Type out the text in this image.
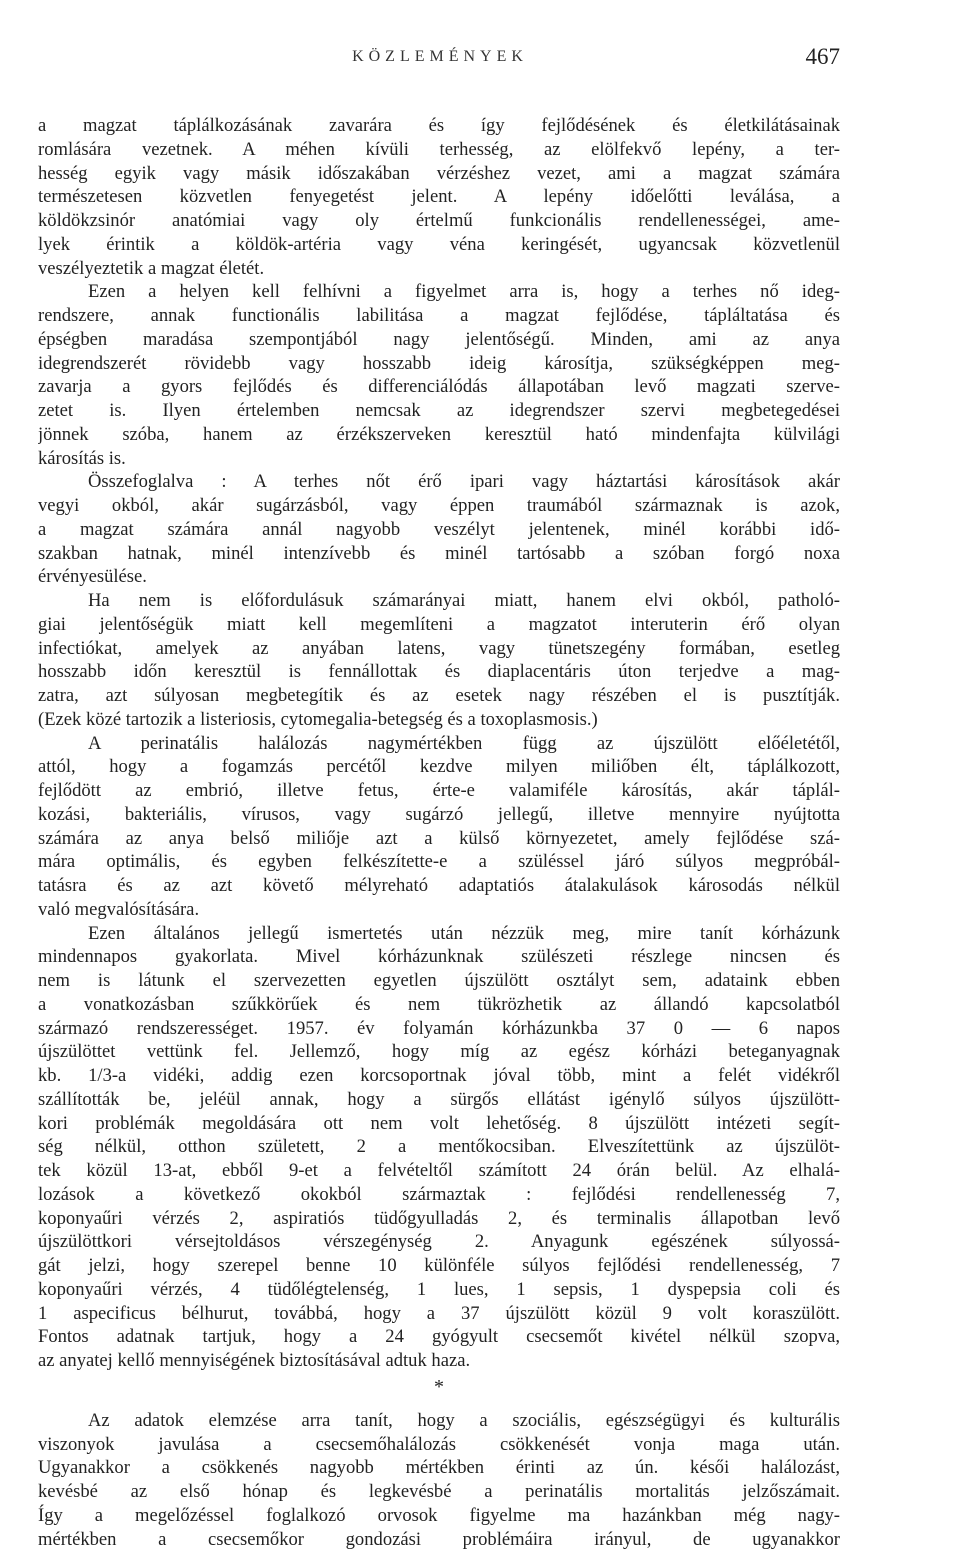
KÖZLEMÉNYEK	467
a magzat táplálkozásának zavarára és így fejlődésének és életkilátásainak
romlására vezetnek. A méhen kívüli terhesség, az elölfekvő lepény, a ter-
hesség egyik vagy másik időszakában vérzéshez vezet, ami a magzat számára
természetesen közvetlen fenyegetést jelent. A lepény időelőtti leválása, a
köldökzsinór anatómiai vagy oly értelmű funkcionális rendellenességei, ame-
lyek érintik a köldök-artéria vagy véna keringését, ugyancsak közvetlenül
veszélyeztetik a magzat életét.
Ezen a helyen kell felhívni a figyelmet arra is, hogy a terhes nő ideg-
rendszere, annak functionális labilitása a magzat fejlődése, tápláltatása és
épségben maradása szempontjából nagy jelentőségű. Minden, ami az anya
idegrendszerét rövidebb vagy hosszabb ideig károsítja, szükségképpen meg-
zavarja a gyors fejlődés és differenciálódás állapotában levő magzati szerve-
zetet is. Ilyen értelemben nemcsak az idegrendszer szervi megbetegedései
jönnek szóba, hanem az érzékszerveken keresztül ható mindenfajta külvilági
károsítás is.
Összefoglalva : A terhes nőt érő ipari vagy háztartási károsítások akár
vegyi okból, akár sugárzásból, vagy éppen traumából származnak is azok,
a magzat számára annál nagyobb veszélyt jelentenek, minél korábbi idő-
szakban hatnak, minél intenzívebb és minél tartósabb a szóban forgó noxa
érvényesülése.
Ha nem is előfordulásuk számarányai miatt, hanem elvi okból, patholó-
giai jelentőségük miatt kell megemlíteni a magzatot interuterin érő olyan
infectiókat, amelyek az anyában latens, vagy tünetszegény formában, esetleg
hosszabb időn keresztül is fennállottak és diaplacentáris úton terjedve a mag-
zatra, azt súlyosan megbetegítik és az esetek nagy részében el is pusztítják.
(Ezek közé tartozik a listeriosis, cytomegalia-betegség és a toxoplasmosis.)
A perinatális halálozás nagymértékben függ az újszülött előéletétől,
attól, hogy a fogamzás percétől kezdve milyen miliőben élt, táplálkozott,
fejlődött az embrió, illetve fetus, érte-e valamiféle károsítás, akár táplál-
kozási, bakteriális, vírusos, vagy sugárzó jellegű, illetve mennyire nyújtotta
számára az anya belső miliője azt a külső környezetet, amely fejlődése szá-
mára optimális, és egyben felkészítette-e a szüléssel járó súlyos megpróbál-
tatásra és az azt követő mélyreható adaptatiós átalakulások károsodás nélkül
való megvalósítására.
Ezen általános jellegű ismertetés után nézzük meg, mire tanít kórházunk
mindennapos gyakorlata. Mivel kórházunknak szülészeti részlege nincsen és
nem is látunk el szervezetten egyetlen újszülött osztályt sem, adataink ebben
a vonatkozásban szűkkörűek és nem tükrözhetik az állandó kapcsolatból
származó rendszerességet. 1957. év folyamán kórházunkba 37 0 — 6 napos
újszülöttet vettünk fel. Jellemző, hogy míg az egész kórházi beteganyagnak
kb. 1/3-a vidéki, addig ezen korcsoportnak jóval több, mint a felét vidékről
szállították be, jeléül annak, hogy a sürgős ellátást igénylő súlyos újszülött-
kori problémák megoldására ott nem volt lehetőség. 8 újszülött intézeti segít-
ség nélkül, otthon született, 2 a mentőkocsiban. Elveszítettünk az újszülöt-
tek közül 13-at, ebből 9-et a felvételtől számított 24 órán belül. Az elhalá-
lozások a következő okokból származtak : fejlődési rendellenesség 7,
koponyaűri vérzés 2, aspiratiós tüdőgyulladás 2, és terminalis állapotban levő
újszülöttkori vérsejtoldásos vérszegénység 2. Anyagunk egészének súlyossá-
gát jelzi, hogy szerepel benne 10 különféle súlyos fejlődési rendellenesség, 7
koponyaűri vérzés, 4 tüdőlégtelenség, 1 lues, 1 sepsis, 1 dyspepsia coli és
1 aspecificus bélhurut, továbbá, hogy a 37 újszülött közül 9 volt koraszülött.
Fontos adatnak tartjuk, hogy a 24 gyógyult csecsemőt kivétel nélkül szopva,
az anyatej kellő mennyiségének biztosításával adtuk haza.
*
Az adatok elemzése arra tanít, hogy a szociális, egészségügyi és kulturális
viszonyok javulása a csecsemőhalálozás csökkenését vonja maga után.
Ugyanakkor a csökkenés nagyobb mértékben érinti az ún. késői halálozást,
kevésbé az első hónap és legkevésbé a perinatális mortalitás jelzőszámait.
Így a megelőzéssel foglalkozó orvosok figyelme ma hazánkban még nagy-
mértékben a csecsemőkor gondozási problémáira irányul, de ugyanakkor
